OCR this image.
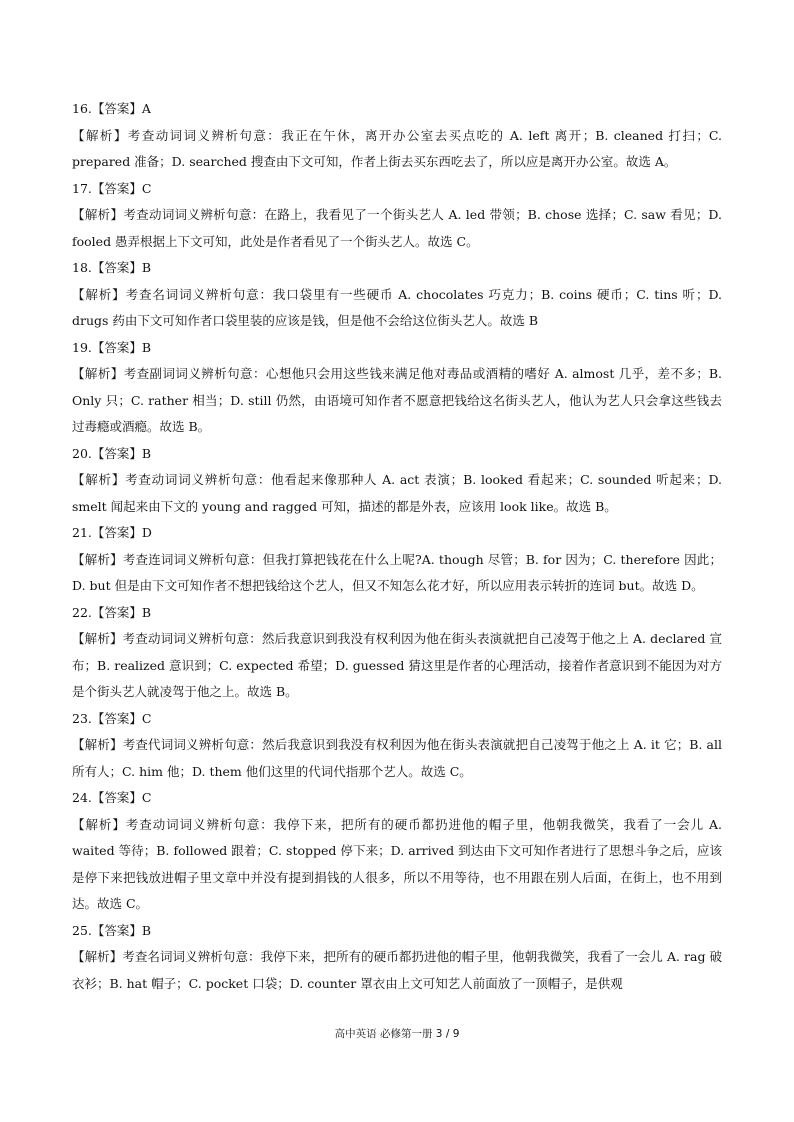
16.【答案】A

【解析】考查动词词义辨析句意：我正在午休，离开办公室去买点吃的 A. left 离开；B. cleaned 打扫；C. prepared 准备；D. searched 搜查由下文可知，作者上街去买东西吃去了，所以应是离开办公室。故选 A。

17.【答案】C

【解析】考查动词词义辨析句意：在路上，我看见了一个街头艺人 A. led 带领；B. chose 选择；C. saw 看见；D. fooled 愚弄根据上下文可知，此处是作者看见了一个街头艺人。故选 C。

18.【答案】B

【解析】考查名词词义辨析句意：我口袋里有一些硬币 A. chocolates 巧克力；B. coins 硬币；C. tins 听；D. drugs 药由下文可知作者口袋里装的应该是钱，但是他不会给这位街头艺人。故选 B

19.【答案】B

【解析】考查副词词义辨析句意：心想他只会用这些钱来满足他对毒品或酒精的嗜好 A. almost 几乎，差不多；B. Only 只；C. rather 相当；D. still 仍然，由语境可知作者不愿意把钱给这名街头艺人，他认为艺人只会拿这些钱去过毒瘾或酒瘾。故选 B。

20.【答案】B

【解析】考查动词词义辨析句意：他看起来像那种人 A. act 表演；B. looked 看起来；C. sounded 听起来；D. smelt 闻起来由下文的 young and ragged 可知，描述的都是外表，应该用 look like。故选 B。

21.【答案】D

【解析】考查连词词义辨析句意：但我打算把钱花在什么上呢?A. though 尽管；B. for 因为；C. therefore 因此；D. but 但是由下文可知作者不想把钱给这个艺人，但又不知怎么花才好，所以应用表示转折的连词 but。故选 D。

22.【答案】B

【解析】考查动词词义辨析句意：然后我意识到我没有权利因为他在街头表演就把自己凌驾于他之上 A. declared 宣布；B. realized 意识到；C. expected 希望；D. guessed 猜这里是作者的心理活动，接着作者意识到不能因为对方是个街头艺人就凌驾于他之上。故选 B。

23.【答案】C

【解析】考查代词词义辨析句意：然后我意识到我没有权利因为他在街头表演就把自己凌驾于他之上 A. it 它；B. all 所有人；C. him 他；D. them 他们这里的代词代指那个艺人。故选 C。

24.【答案】C

【解析】考查动词词义辨析句意：我停下来，把所有的硬币都扔进他的帽子里，他朝我微笑，我看了一会儿 A. waited 等待；B. followed 跟着；C. stopped 停下来；D. arrived 到达由下文可知作者进行了思想斗争之后，应该是停下来把钱放进帽子里文章中并没有提到捐钱的人很多，所以不用等待，也不用跟在别人后面，在街上，也不用到达。故选 C。

25.【答案】B

【解析】考查名词词义辨析句意：我停下来，把所有的硬币都扔进他的帽子里，他朝我微笑，我看了一会儿 A. rag 破衣衫；B. hat 帽子；C. pocket 口袋；D. counter 罩衣由上文可知艺人前面放了一顶帽子，是供观

高中英语 必修第一册 3 / 9
